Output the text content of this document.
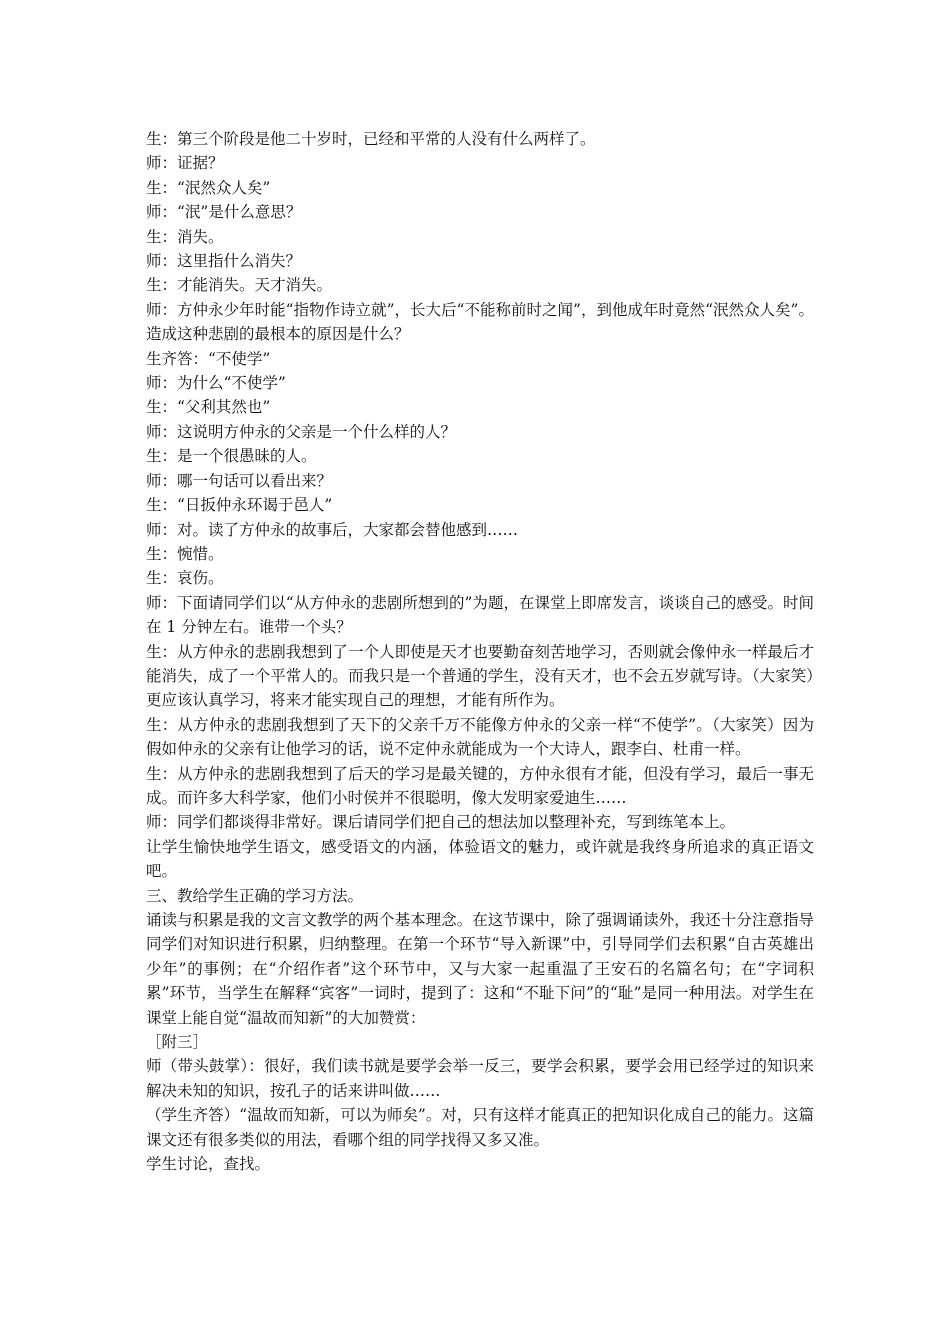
生：第三个阶段是他二十岁时，已经和平常的人没有什么两样了。

师：证据？

生：“泯然众人矣”

师：“泯”是什么意思？

生：消失。

师：这里指什么消失？

生：才能消失。天才消失。

师：方仲永少年时能“指物作诗立就”，长大后“不能称前时之闻”，到他成年时竟然“泯然众人矣”。造成这种悲剧的最根本的原因是什么？

生齐答：“不使学”

师：为什么“不使学”

生：“父利其然也”

师：这说明方仲永的父亲是一个什么样的人？

生：是一个很愚昧的人。

师：哪一句话可以看出来？

生：“日扳仲永环谒于邑人”

师：对。读了方仲永的故事后，大家都会替他感到……

生：惋惜。

生：哀伤。

师：下面请同学们以“从方仲永的悲剧所想到的”为题，在课堂上即席发言，谈谈自己的感受。时间在 1 分钟左右。谁带一个头？

生：从方仲永的悲剧我想到了一个人即使是天才也要勤奋刻苦地学习，否则就会像仲永一样最后才能消失，成了一个平常人的。而我只是一个普通的学生，没有天才，也不会五岁就写诗。（大家笑）更应该认真学习，将来才能实现自己的理想，才能有所作为。

生：从方仲永的悲剧我想到了天下的父亲千万不能像方仲永的父亲一样“不使学”。（大家笑）因为假如仲永的父亲有让他学习的话，说不定仲永就能成为一个大诗人，跟李白、杜甫一样。

生：从方仲永的悲剧我想到了后天的学习是最关键的，方仲永很有才能，但没有学习，最后一事无成。而许多大科学家，他们小时侯并不很聪明，像大发明家爱迪生……

师：同学们都谈得非常好。课后请同学们把自己的想法加以整理补充，写到练笔本上。

让学生愉快地学生语文，感受语文的内涵，体验语文的魅力，或许就是我终身所追求的真正语文吧。

三、教给学生正确的学习方法。

诵读与积累是我的文言文教学的两个基本理念。在这节课中，除了强调诵读外，我还十分注意指导同学们对知识进行积累，归纳整理。在第一个环节“导入新课”中，引导同学们去积累“自古英雄出少年”的事例；在“介绍作者”这个环节中，又与大家一起重温了王安石的名篇名句；在“字词积累”环节，当学生在解释“宾客”一词时，提到了：这和“不耻下问”的“耻”是同一种用法。对学生在课堂上能自觉“温故而知新”的大加赞赏：

［附三］

师（带头鼓掌）：很好，我们读书就是要学会举一反三，要学会积累，要学会用已经学过的知识来解决未知的知识，按孔子的话来讲叫做……

（学生齐答）“温故而知新，可以为师矣”。对，只有这样才能真正的把知识化成自己的能力。这篇课文还有很多类似的用法，看哪个组的同学找得又多又准。

学生讨论，查找。
